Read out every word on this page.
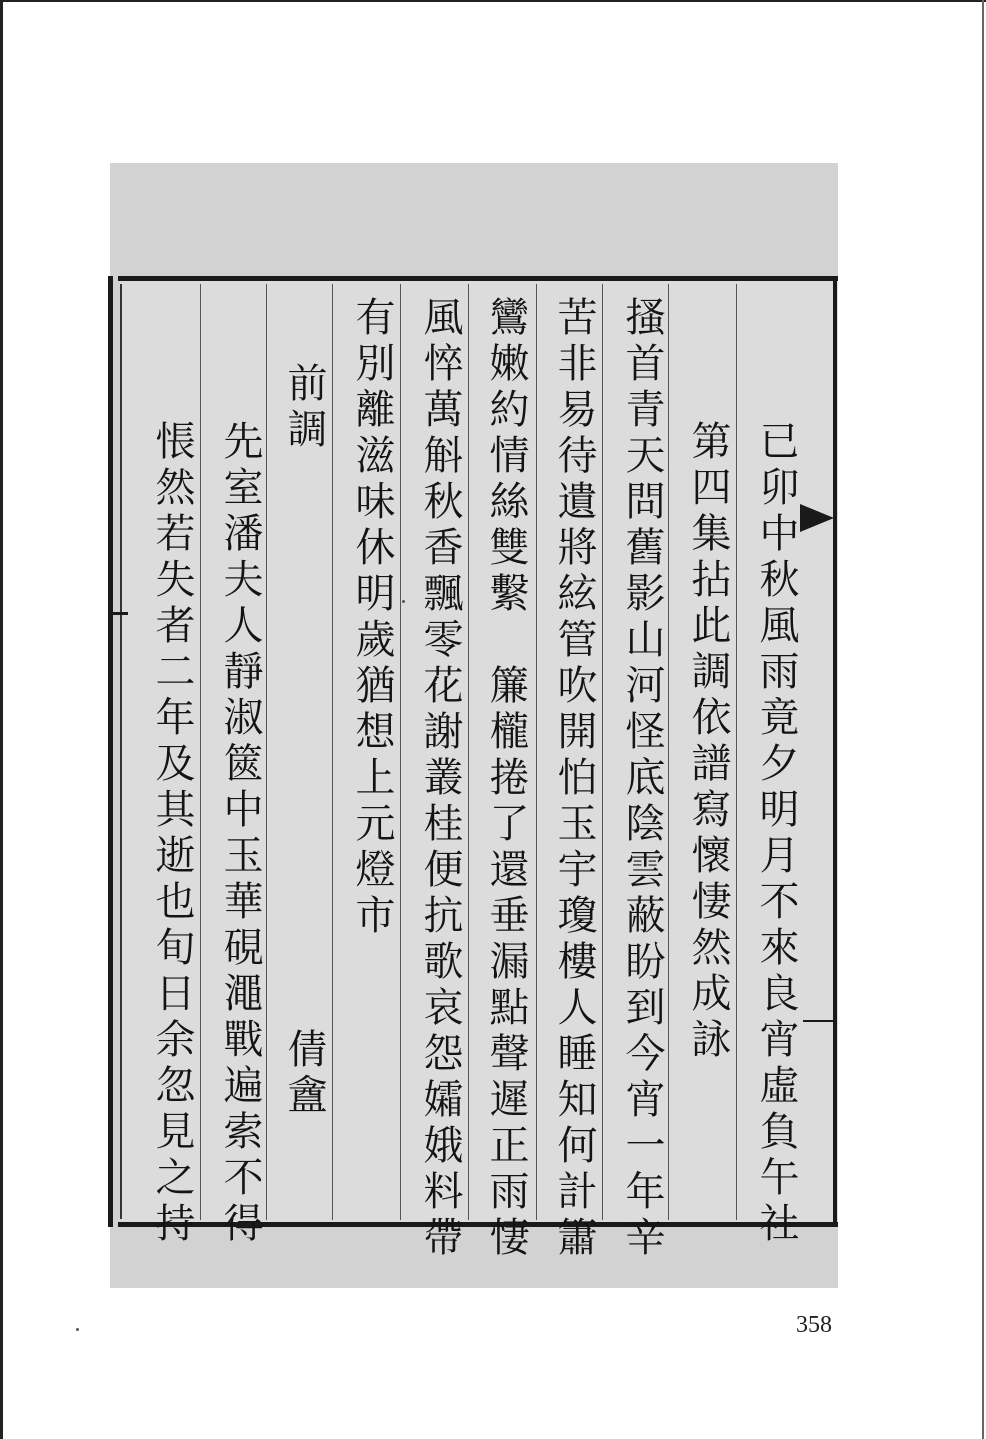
已卯中秋風雨竟夕明月不來良宵虛負午社
第四集拈此調依譜寫懷悽然成詠
搔首青天問舊影山河怪底陰雲蔽盼到今宵一年辛
苦非易待遺將絃管吹開怕玉宇瓊樓人睡知何計簫
鸞嫩約情絲雙繫　簾櫳捲了還垂漏點聲遲正雨悽
風悴萬斛秋香飄零花謝叢桂便抗歌哀怨孀娥料帶
有別離滋味休明歲猶想上元燈市
前調
倩盦
先室潘夫人靜淑篋中玉華硯澠戰遍索不得
悵然若失者二年及其逝也旬日余忽見之持
358
